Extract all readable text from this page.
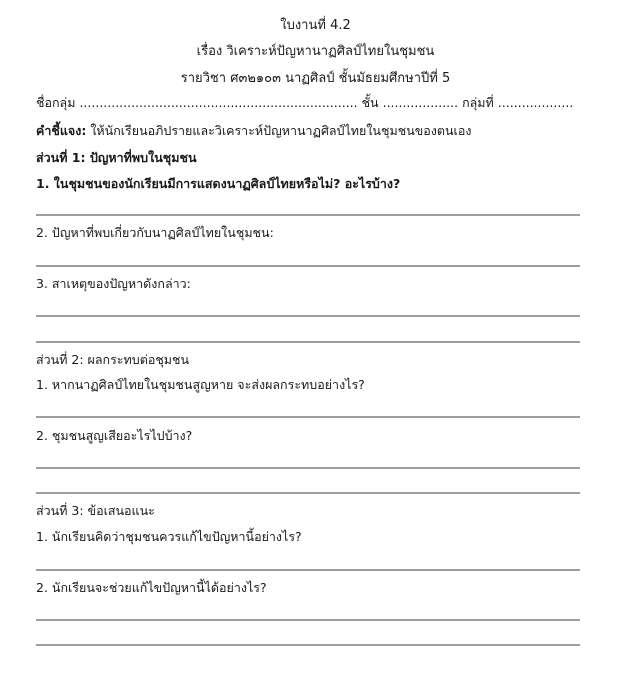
ใบงานที่ 4.2
เรื่อง วิเคราะห์ปัญหานาฏศิลป์ไทยในชุมชน
รายวิชา ศ๓๒๑๐๓ นาฏศิลป์ ชั้นมัธยมศึกษาปีที่ 5
ชื่อกลุ่ม ...................................................................... ชั้น ................... กลุ่มที่ ...................
คำชี้แจง: ให้นักเรียนอภิปรายและวิเคราะห์ปัญหานาฏศิลป์ไทยในชุมชนของตนเอง
ส่วนที่ 1: ปัญหาที่พบในชุมชน
1. ในชุมชนของนักเรียนมีการแสดงนาฏศิลป์ไทยหรือไม่? อะไรบ้าง?
2. ปัญหาที่พบเกี่ยวกับนาฏศิลป์ไทยในชุมชน:
3. สาเหตุของปัญหาดังกล่าว:
ส่วนที่ 2: ผลกระทบต่อชุมชน
1. หากนาฏศิลป์ไทยในชุมชนสูญหาย จะส่งผลกระทบอย่างไร?
2. ชุมชนสูญเสียอะไรไปบ้าง?
ส่วนที่ 3: ข้อเสนอแนะ
1. นักเรียนคิดว่าชุมชนควรแก้ไขปัญหานี้อย่างไร?
2. นักเรียนจะช่วยแก้ไขปัญหานี้ได้อย่างไร?
